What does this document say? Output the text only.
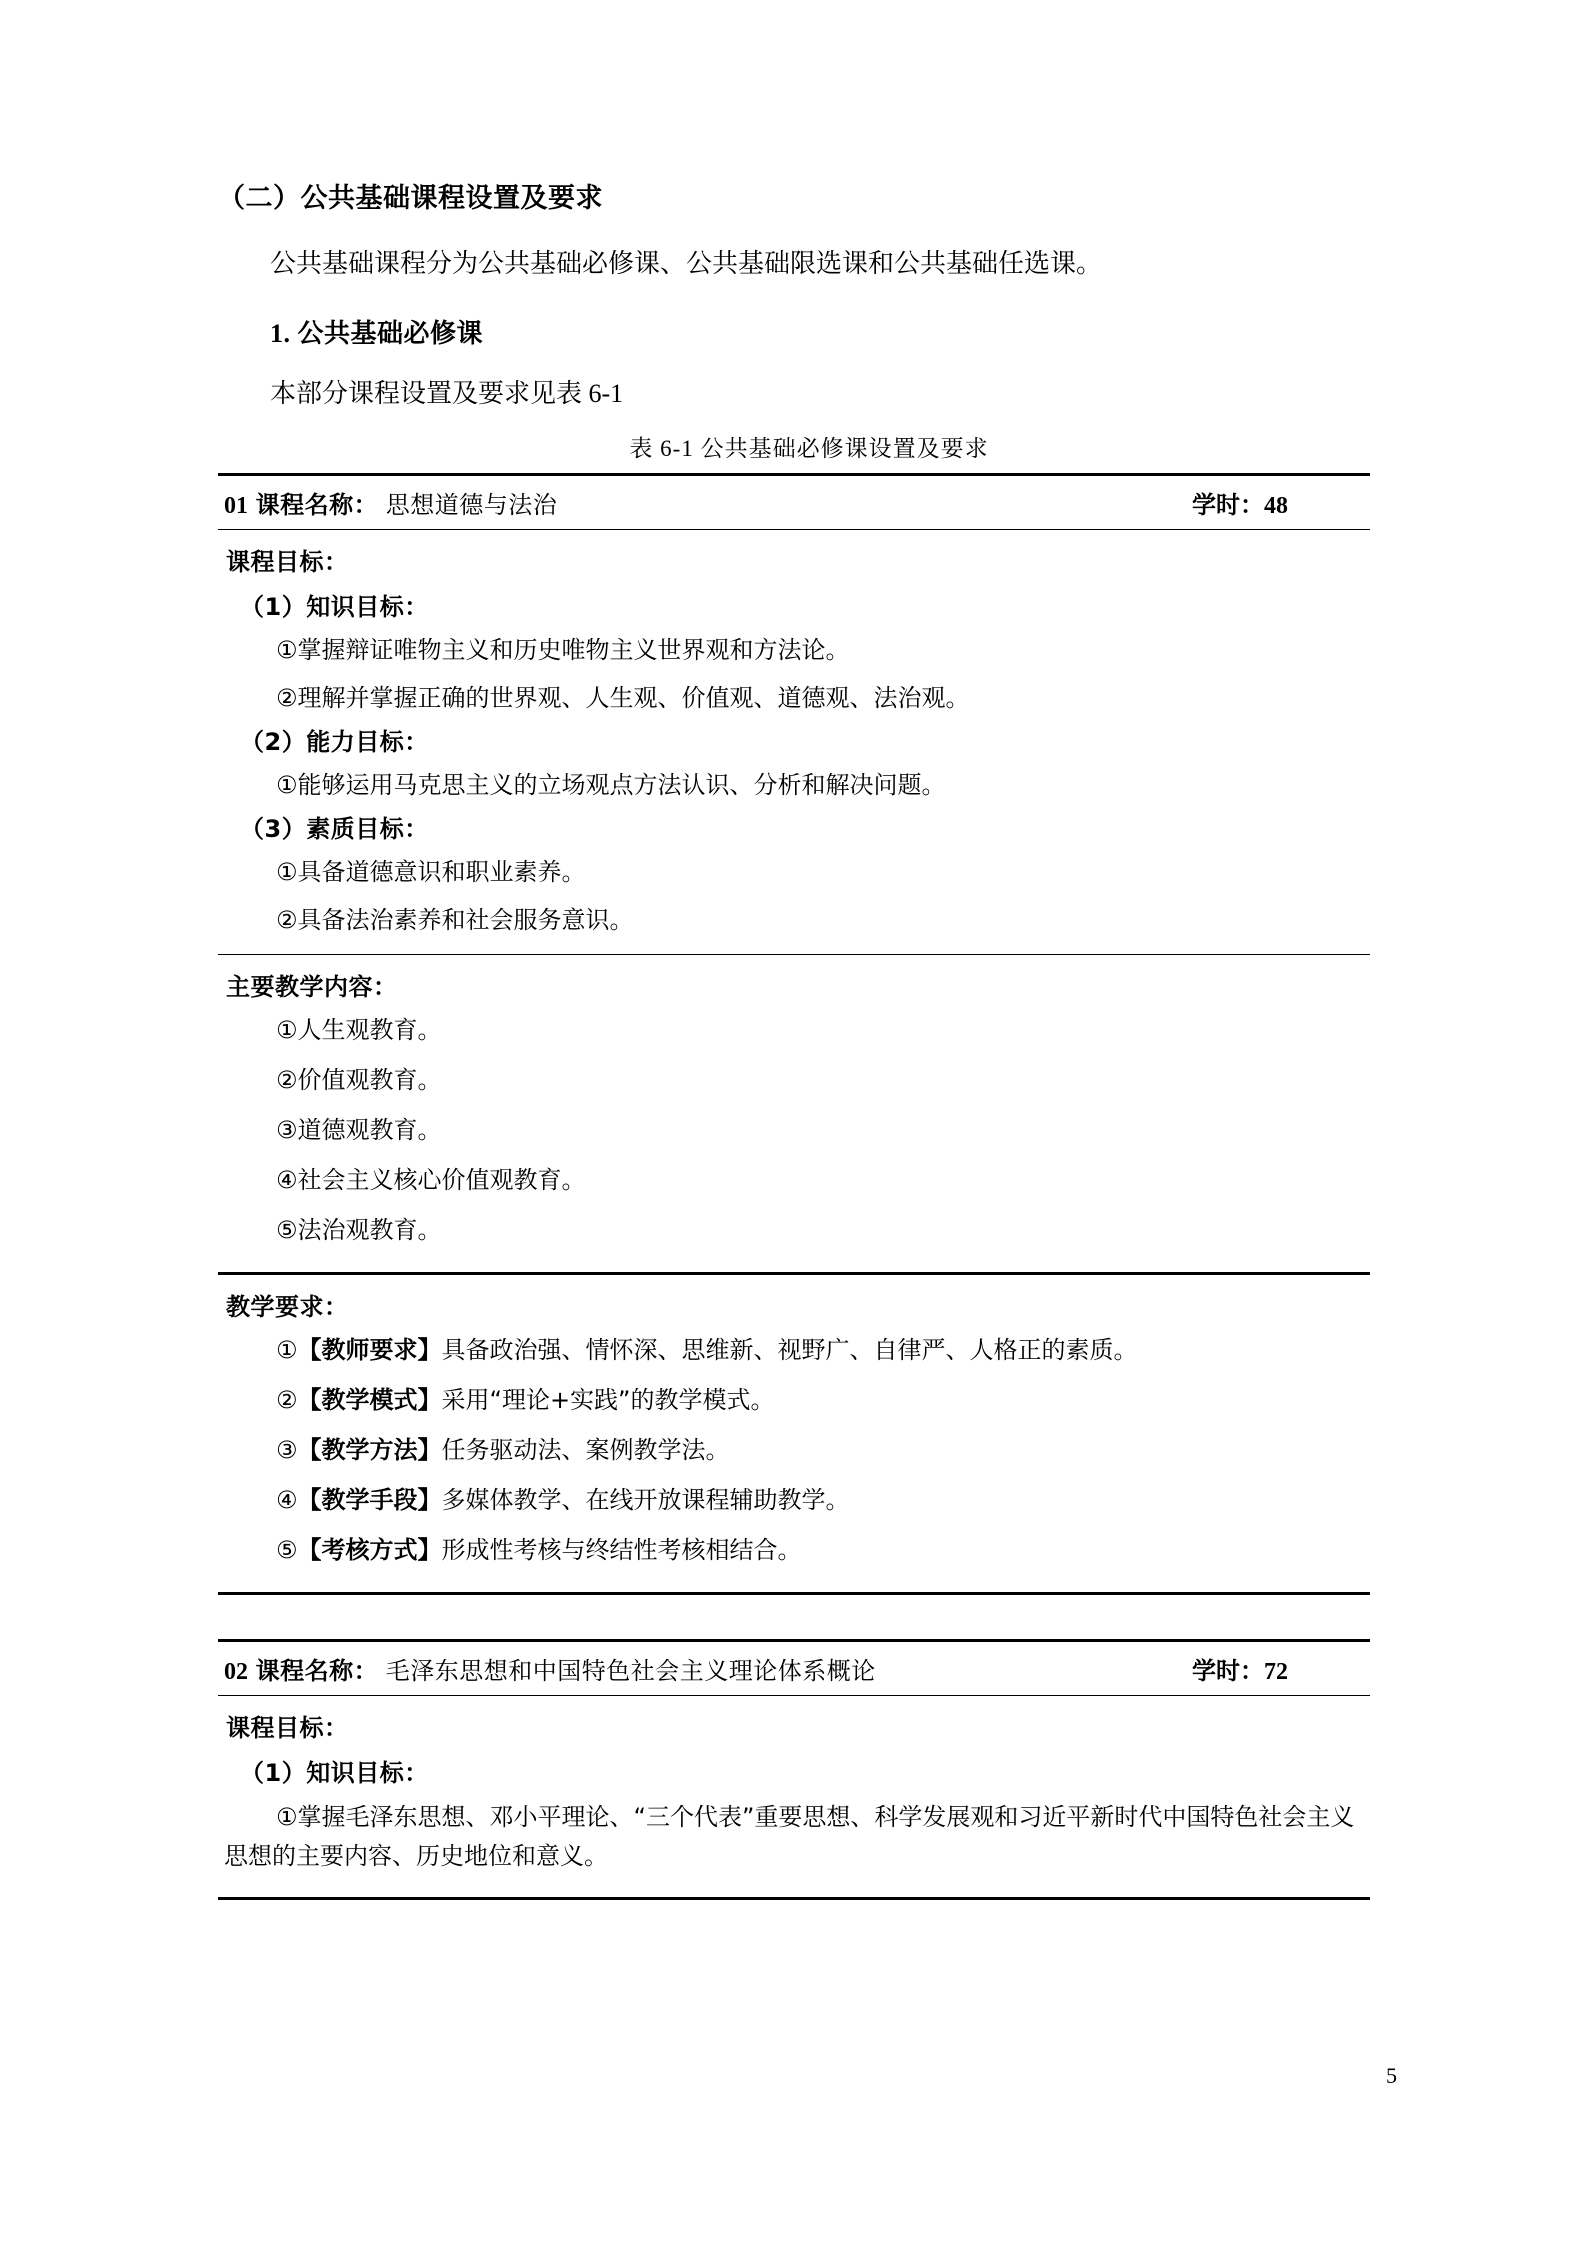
（二）公共基础课程设置及要求

公共基础课程分为公共基础必修课、公共基础限选课和公共基础任选课。

1. 公共基础必修课

本部分课程设置及要求见表 6-1

表 6-1 公共基础必修课设置及要求
01 课程名称： 思想道德与法治	学时：48
课程目标：
（1）知识目标：
①掌握辩证唯物主义和历史唯物主义世界观和方法论。
②理解并掌握正确的世界观、人生观、价值观、道德观、法治观。
（2）能力目标：
①能够运用马克思主义的立场观点方法认识、分析和解决问题。
（3）素质目标：
①具备道德意识和职业素养。
②具备法治素养和社会服务意识。
主要教学内容：
①人生观教育。
②价值观教育。
③道德观教育。
④社会主义核心价值观教育。
⑤法治观教育。
教学要求：
①【教师要求】具备政治强、情怀深、思维新、视野广、自律严、人格正的素质。
②【教学模式】采用“理论+实践”的教学模式。
③【教学方法】任务驱动法、案例教学法。
④【教学手段】多媒体教学、在线开放课程辅助教学。
⑤【考核方式】形成性考核与终结性考核相结合。
02 课程名称： 毛泽东思想和中国特色社会主义理论体系概论	学时：72
课程目标：
（1）知识目标：
①掌握毛泽东思想、邓小平理论、“三个代表”重要思想、科学发展观和习近平新时代中国特色社会主义思想的主要内容、历史地位和意义。
5
